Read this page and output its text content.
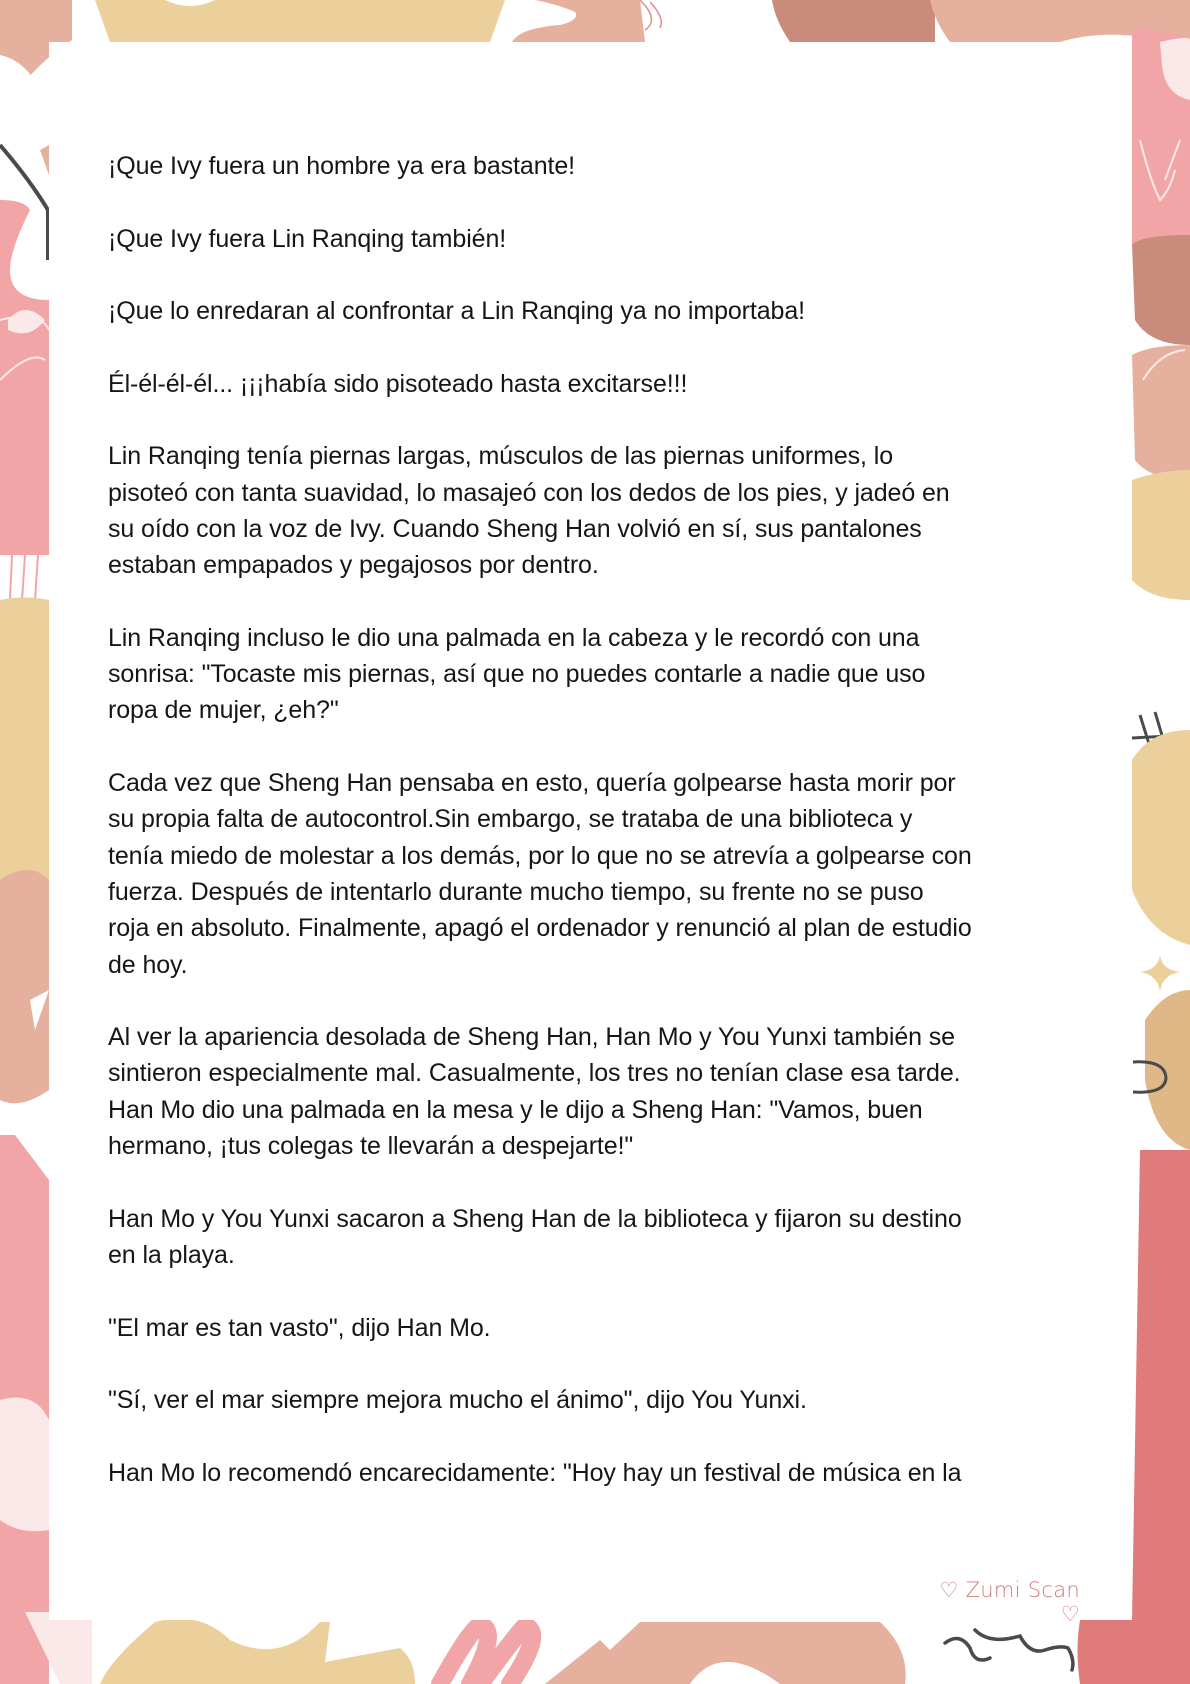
¡Que Ivy fuera un hombre ya era bastante!

¡Que Ivy fuera Lin Ranqing también!

¡Que lo enredaran al confrontar a Lin Ranqing ya no importaba!

Él-él-él-él... ¡¡¡había sido pisoteado hasta excitarse!!!

Lin Ranqing tenía piernas largas, músculos de las piernas uniformes, lo
pisoteó con tanta suavidad, lo masajeó con los dedos de los pies, y jadeó en
su oído con la voz de Ivy. Cuando Sheng Han volvió en sí, sus pantalones
estaban empapados y pegajosos por dentro.

Lin Ranqing incluso le dio una palmada en la cabeza y le recordó con una
sonrisa: "Tocaste mis piernas, así que no puedes contarle a nadie que uso
ropa de mujer, ¿eh?"

Cada vez que Sheng Han pensaba en esto, quería golpearse hasta morir por
su propia falta de autocontrol.Sin embargo, se trataba de una biblioteca y
tenía miedo de molestar a los demás, por lo que no se atrevía a golpearse con
fuerza. Después de intentarlo durante mucho tiempo, su frente no se puso
roja en absoluto. Finalmente, apagó el ordenador y renunció al plan de estudio
de hoy.

Al ver la apariencia desolada de Sheng Han, Han Mo y You Yunxi también se
sintieron especialmente mal. Casualmente, los tres no tenían clase esa tarde.
Han Mo dio una palmada en la mesa y le dijo a Sheng Han: "Vamos, buen
hermano, ¡tus colegas te llevarán a despejarte!"

Han Mo y You Yunxi sacaron a Sheng Han de la biblioteca y fijaron su destino
en la playa.

"El mar es tan vasto", dijo Han Mo.

"Sí, ver el mar siempre mejora mucho el ánimo", dijo You Yunxi.

Han Mo lo recomendó encarecidamente: "Hoy hay un festival de música en la

♡ Zumi Scan ♡
